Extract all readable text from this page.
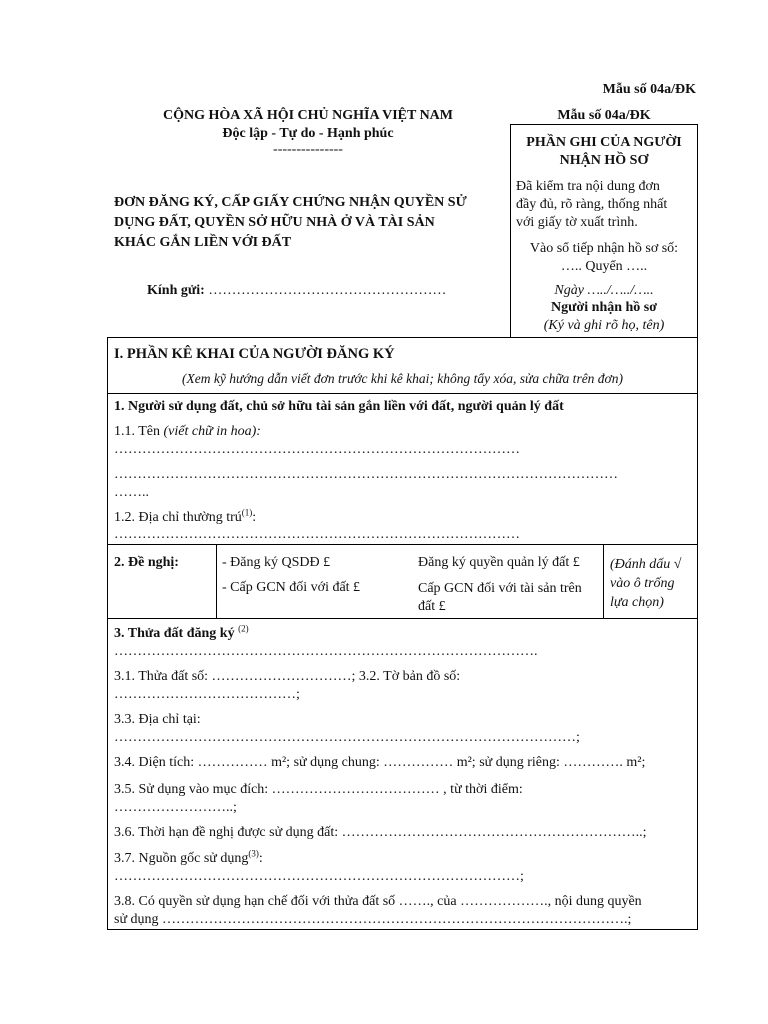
Mẫu số 04a/ĐK
CỘNG HÒA XÃ HỘI CHỦ NGHĨA VIỆT NAM
Độc lập - Tự do - Hạnh phúc
---------------
ĐƠN ĐĂNG KÝ, CẤP GIẤY CHỨNG NHẬN QUYỀN SỬ
DỤNG ĐẤT, QUYỀN SỞ HỮU NHÀ Ở VÀ TÀI SẢN
KHÁC GẮN LIỀN VỚI ĐẤT
Kính gửi: ……………………………………………
Mẫu số 04a/ĐK
PHẦN GHI CỦA NGƯỜI
NHẬN HỒ SƠ
Đã kiểm tra nội dung đơn
đầy đủ, rõ ràng, thống nhất
với giấy tờ xuất trình.
Vào sổ tiếp nhận hồ sơ số:
….. Quyển …..
Ngày …../…../…..
Người nhận hồ sơ
(Ký và ghi rõ họ, tên)
I. PHẦN KÊ KHAI CỦA NGƯỜI ĐĂNG KÝ
(Xem kỹ hướng dẫn viết đơn trước khi kê khai; không tẩy xóa, sửa chữa trên đơn)
1. Người sử dụng đất, chủ sở hữu tài sản gắn liền với đất, người quản lý đất
1.1. Tên (viết chữ in hoa):
……………………………………………………………………………
………………………………………………………………………………………………
……..
1.2. Địa chỉ thường trú$^{(1)}$:
……………………………………………………………………………
2. Đề nghị:	- Đăng ký QSDĐ £	Đăng ký quyền quản lý đất £
- Cấp GCN đối với đất £	Cấp GCN đối với tài sản trên
đất £
(Đánh dấu √
vào ô trống
lựa chọn)
3. Thửa đất đăng ký $^{(2)}$
……………………………………………………………………………….
3.1. Thửa đất số: …………………………; 3.2. Tờ bản đồ số:
…………………………………;
3.3. Địa chỉ tại:
………………………………………………………………………………………;
3.4. Diện tích: …………… m²; sử dụng chung: …………… m²; sử dụng riêng: …………. m²;
3.5. Sử dụng vào mục đích: ……………………………… , từ thời điểm:
……………………..;
3.6. Thời hạn đề nghị được sử dụng đất: ………………………………………………………..;
3.7. Nguồn gốc sử dụng$^{(3)}$:
……………………………………………………………………………;
3.8. Có quyền sử dụng hạn chế đối với thửa đất số ……., của ………………., nội dung quyền
sử dụng ……………………………………………………………………………………….;
